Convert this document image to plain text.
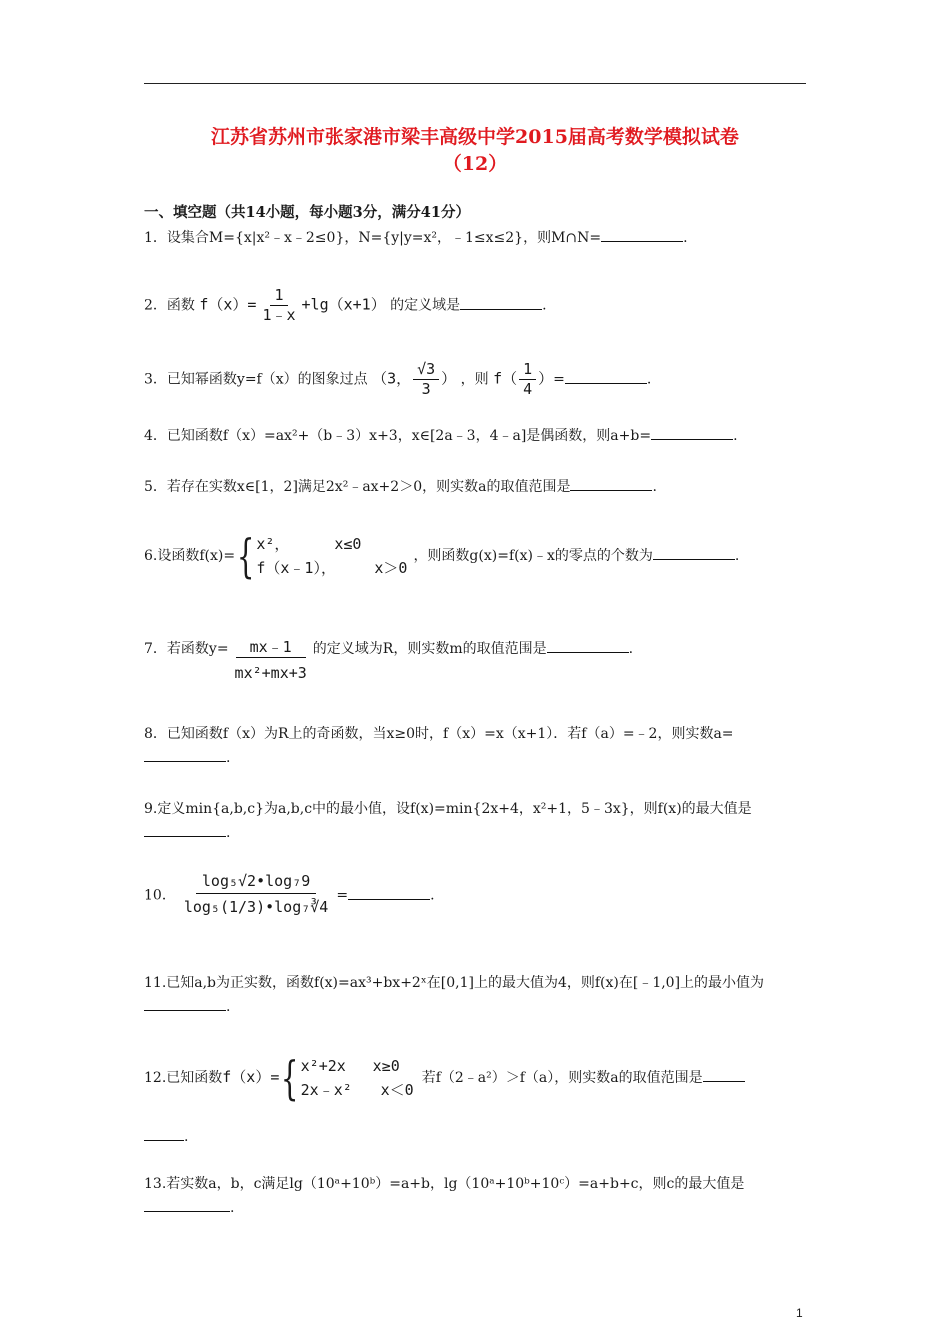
江苏省苏州市张家港市梁丰高级中学2015届高考数学模拟试卷
（12）
一、填空题（共14小题，每小题3分，满分41分）
1．设集合M={x|x²﹣x﹣2≤0}，N={y|y=x²，﹣1≤x≤2}，则M∩N=	.
2．函数 $f(x)= \frac{1}{1﹣x} +\lg(x+1)$ 的定义域是	.
3．已知幂函数y=f（x）的图象过点 （3， $\frac{√3}{3}$ ） ，则 $f( \frac{1}{4}$ ）=	.
4．已知函数f（x）=ax²+（b﹣3）x+3，x∈[2a﹣3，4﹣a]是偶函数，则a+b=	.
5．若存在实数x∈[1，2]满足2x²﹣ax+2＞0，则实数a的取值范围是	.
6.设函数f(x)={ x²，	x≤0
f（x﹣1），	x＞0
，则函数g(x)=f(x)﹣x的零点的个数为	.
7．若函数$y= \frac{mx﹣1}{\text{mx²+mx+3}}$ 的定义域为R，则实数m的取值范围是	.
8．已知函数f（x）为R上的奇函数，当x≥0时，f（x）=x（x+1）．若f（a）=﹣2，则实数a=.
9.定义min{a,b,c}为a,b,c中的最小值，设f(x)=min{2x+4，x²+1，5﹣3x}，则f(x)的最大值是.
10． $\frac{\text{log₅√2•log₇9}}{\text{log₅(1/3)•log₇∛4}}$ =	.
11.已知a,b为正实数，函数f(x)=ax³+bx+2ˣ在[0,1]上的最大值为4，则f(x)在[﹣1,0]上的最小值为.
12.已知函数f（x）={ x²+2x x≥0
2x﹣x² x＜0
若f（2﹣a²）＞f（a），则实数a的取值范围是
.
13.若实数a，b，c满足lg（10ᵃ+10ᵇ）=a+b，lg（10ᵃ+10ᵇ+10ᶜ）=a+b+c，则c的最大值是.
1
